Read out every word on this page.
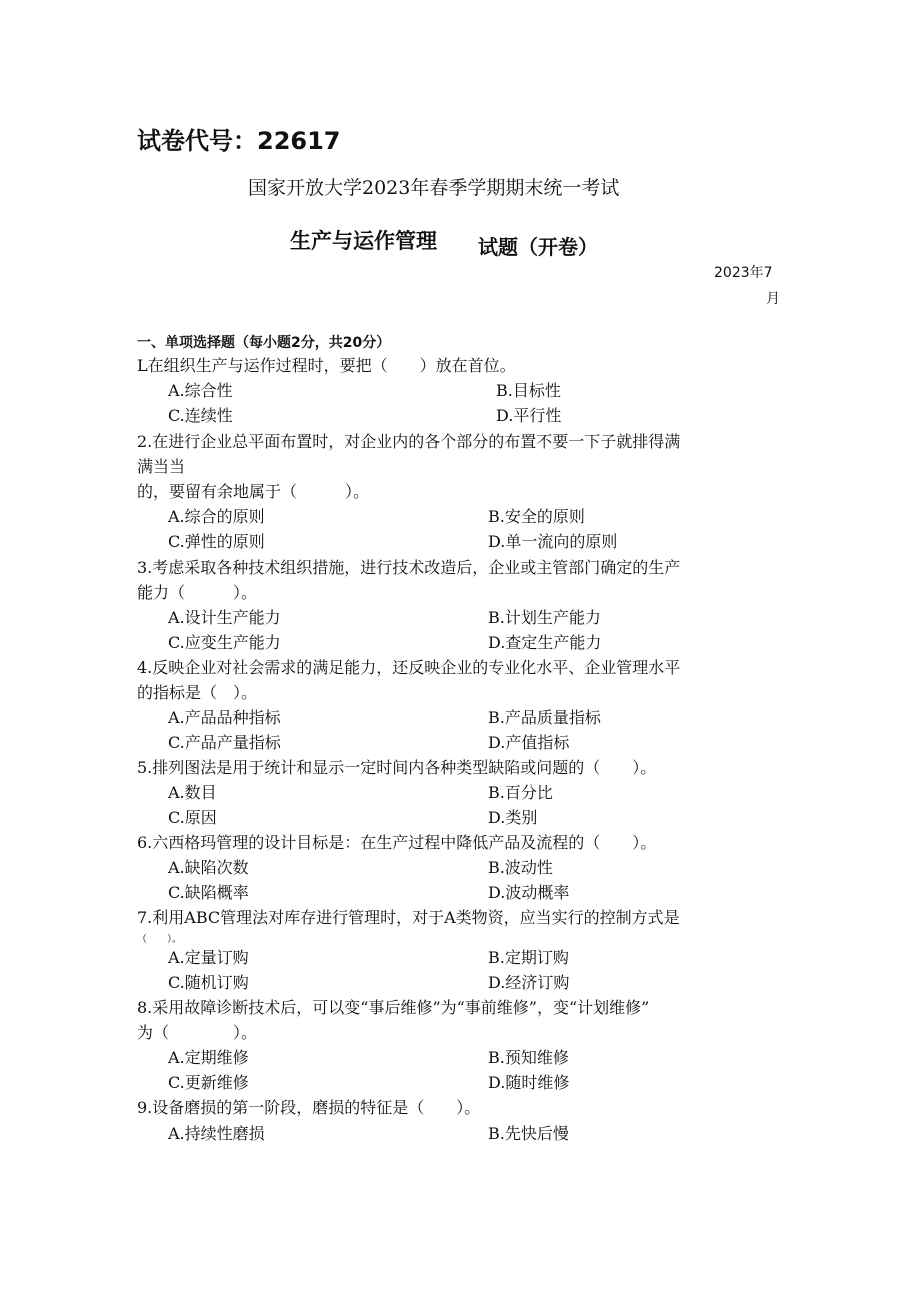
试卷代号：22617
国家开放大学2023年春季学期期末统一考试
生产与运作管理 试题（开卷）
2023年7
月
一、单项选择题（每小题2分，共20分）
L在组织生产与运作过程时，要把（　　）放在首位。
A.综合性	B.目标性
C.连续性	D.平行性
2.在进行企业总平面布置时，对企业内的各个部分的布置不要一下子就排得满
满当当
的，要留有余地属于（　　　）。
A.综合的原则	B.安全的原则
C.弹性的原则	D.单一流向的原则
3.考虑采取各种技术组织措施，进行技术改造后，企业或主管部门确定的生产
能力（　　　）。
A.设计生产能力	B.计划生产能力
C.应变生产能力	D.查定生产能力
4.反映企业对社会需求的满足能力，还反映企业的专业化水平、企业管理水平
的指标是（　）。
A.产品品种指标	B.产品质量指标
C.产品产量指标	D.产值指标
5.排列图法是用于统计和显示一定时间内各种类型缺陷或问题的（　　）。
A.数目	B.百分比
C.原因	D.类别
6.六西格玛管理的设计目标是：在生产过程中降低产品及流程的（　　）。
A.缺陷次数	B.波动性
C.缺陷概率	D.波动概率
7.利用ABC管理法对库存进行管理时，对于A类物资，应当实行的控制方式是
（　　）。
A.定量订购	B.定期订购
C.随机订购	D.经济订购
8.采用故障诊断技术后，可以变“事后维修”为“事前维修”，变“计划维修”
为（　　　　）。
A.定期维修	B.预知维修
C.更新维修	D.随时维修
9.设备磨损的第一阶段，磨损的特征是（　　）。
A.持续性磨损	B.先快后慢
